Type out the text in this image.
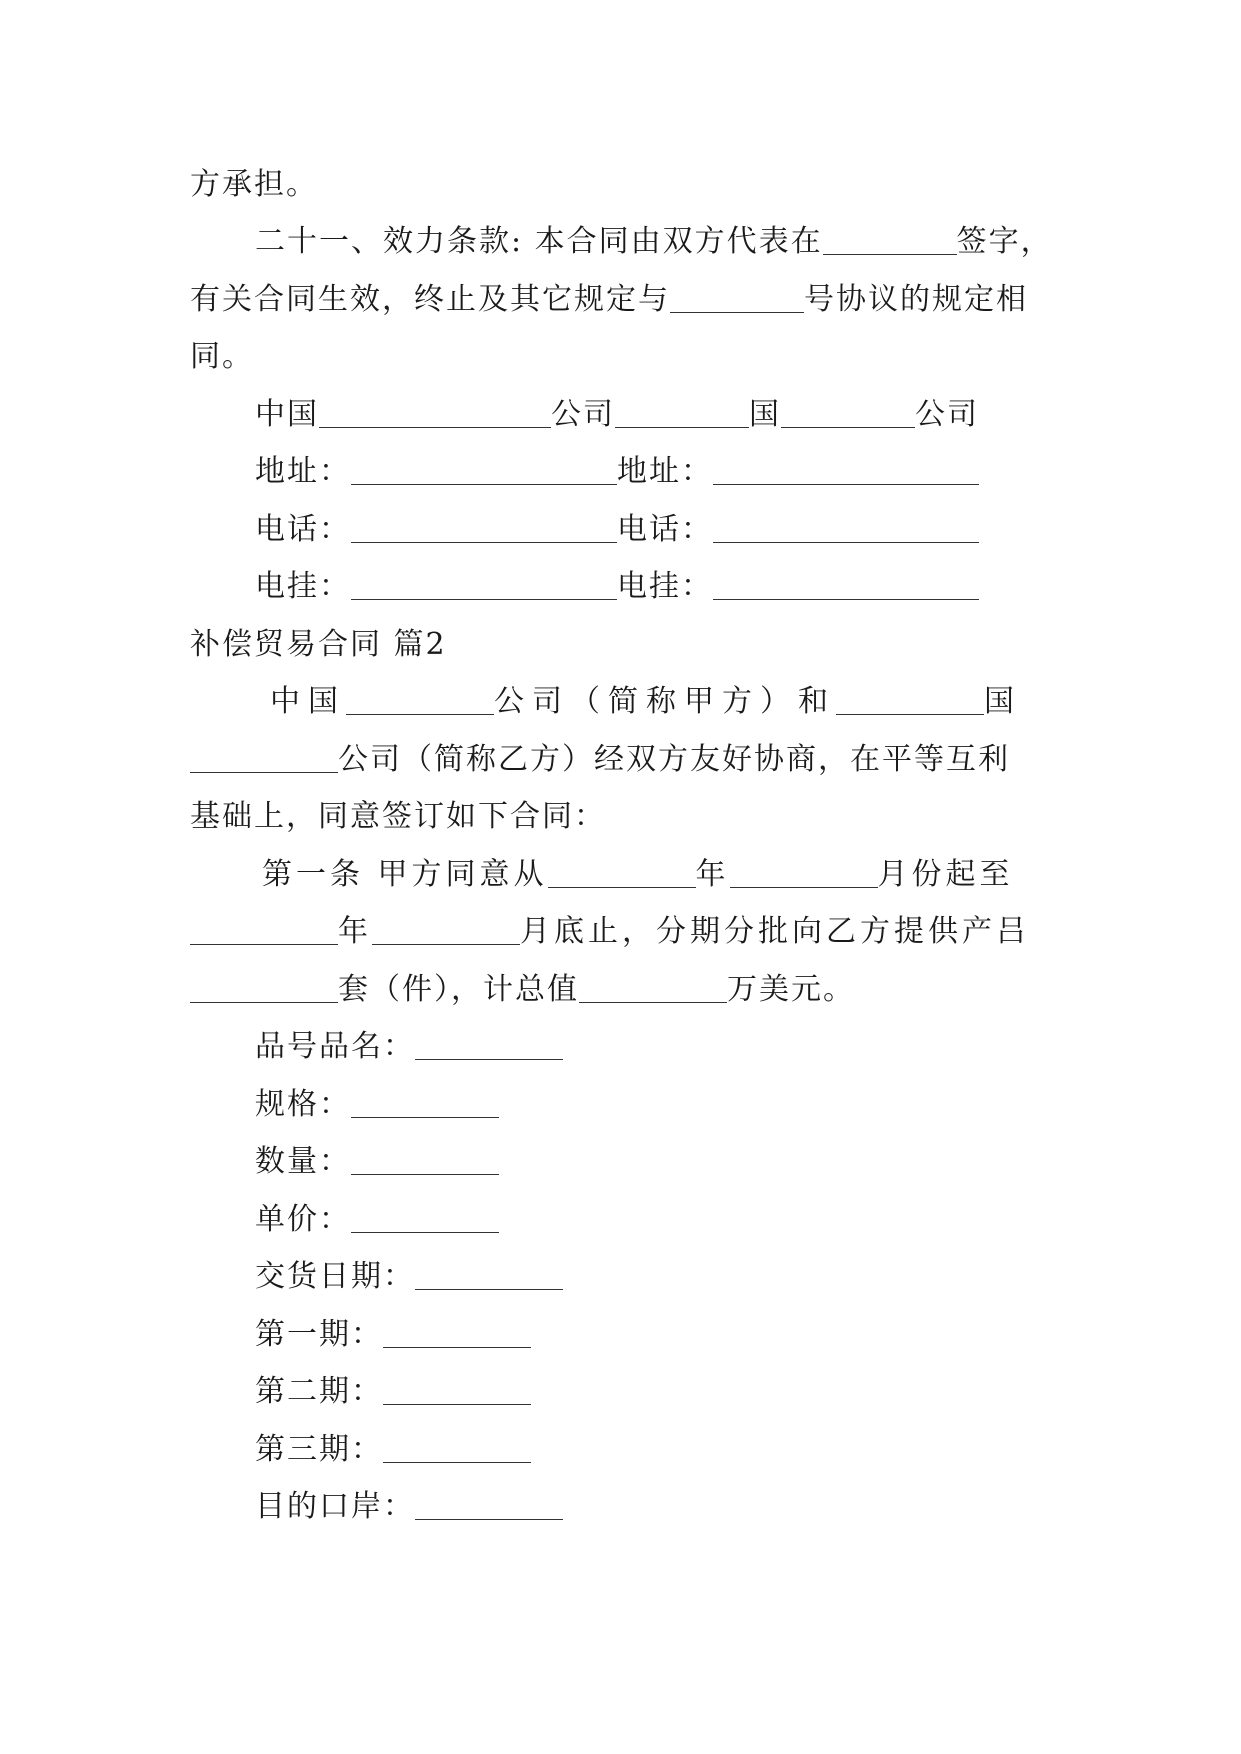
方承担。

二十一、效力条款: 本合同由双方代表在	签字，

有关合同生效，终止及其它规定与	号协议的规定相

同。

中国	公司	国	公司

地址：	地址：

电话：	电话：

电挂：	电挂：

补偿贸易合同 篇2

中国	公司（简称甲方）和	国

公司（简称乙方）经双方友好协商，在平等互利

基础上，同意签订如下合同：

第一条 甲方同意从	年	月份起至

年	月底止，分期分批向乙方提供产吕

套（件），计总值	万美元。

品号品名：

规格：

数量：

单价：

交货日期：

第一期：

第二期：

第三期：

目的口岸：
